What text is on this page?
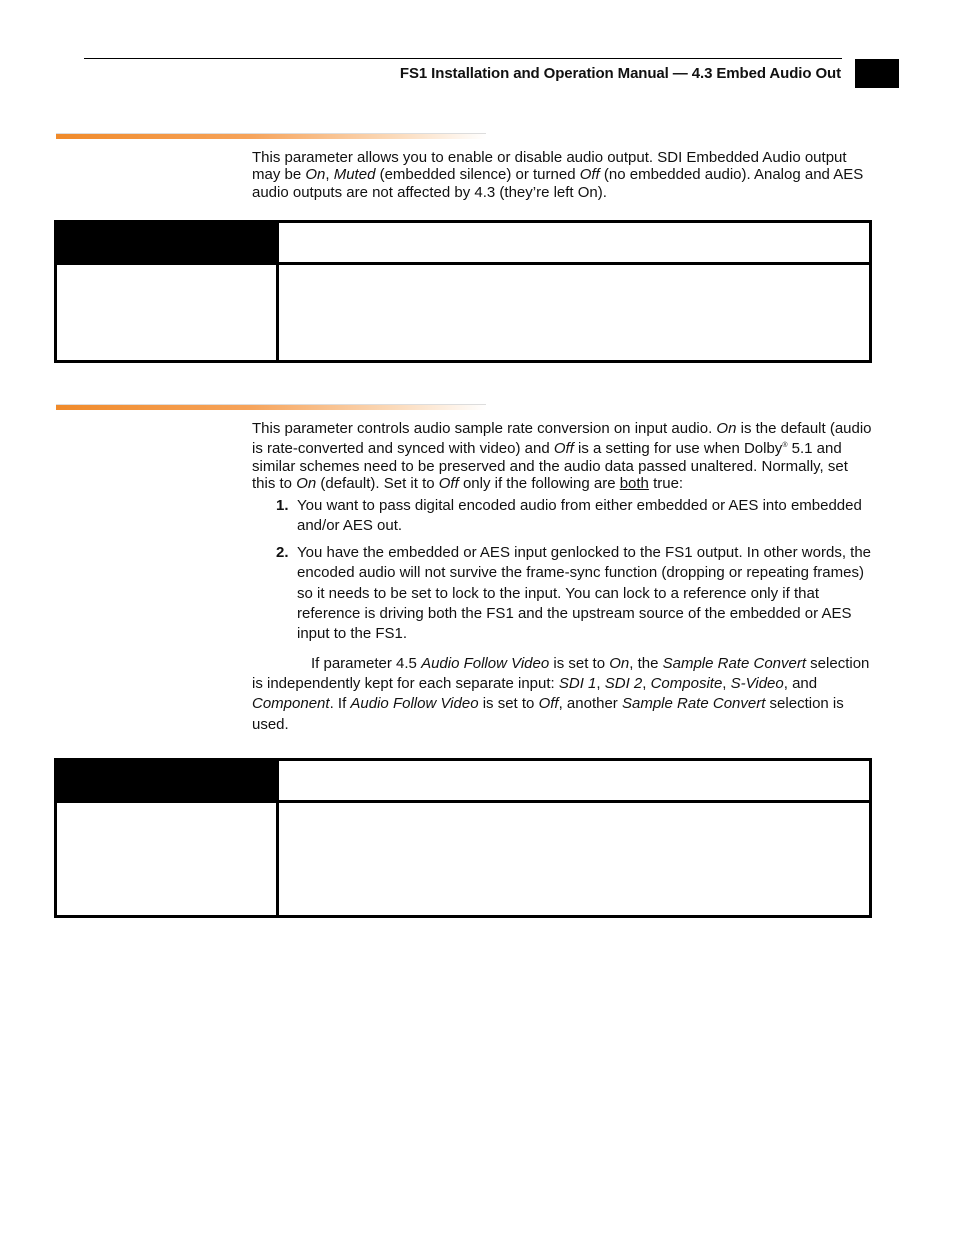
FS1 Installation and Operation Manual — 4.3 Embed Audio Out

This parameter allows you to enable or disable audio output. SDI Embedded Audio output may be On, Muted (embedded silence) or turned Off (no embedded audio). Analog and AES audio outputs are not affected by 4.3 (they’re left On).

This parameter controls audio sample rate conversion on input audio. On is the default (audio is rate-converted and synced with video) and Off is a setting for use when Dolby® 5.1 and similar schemes need to be preserved and the audio data passed unaltered. Normally, set this to On (default). Set it to Off only if the following are both true:

1. You want to pass digital encoded audio from either embedded or AES into embedded and/or AES out.
2. You have the embedded or AES input genlocked to the FS1 output. In other words, the encoded audio will not survive the frame-sync function (dropping or repeating frames) so it needs to be set to lock to the input. You can lock to a reference only if that reference is driving both the FS1 and the upstream source of the embedded or AES input to the FS1.

If parameter 4.5 Audio Follow Video is set to On, the Sample Rate Convert selection is independently kept for each separate input: SDI 1, SDI 2, Composite, S-Video, and Component. If Audio Follow Video is set to Off, another Sample Rate Convert selection is used.
